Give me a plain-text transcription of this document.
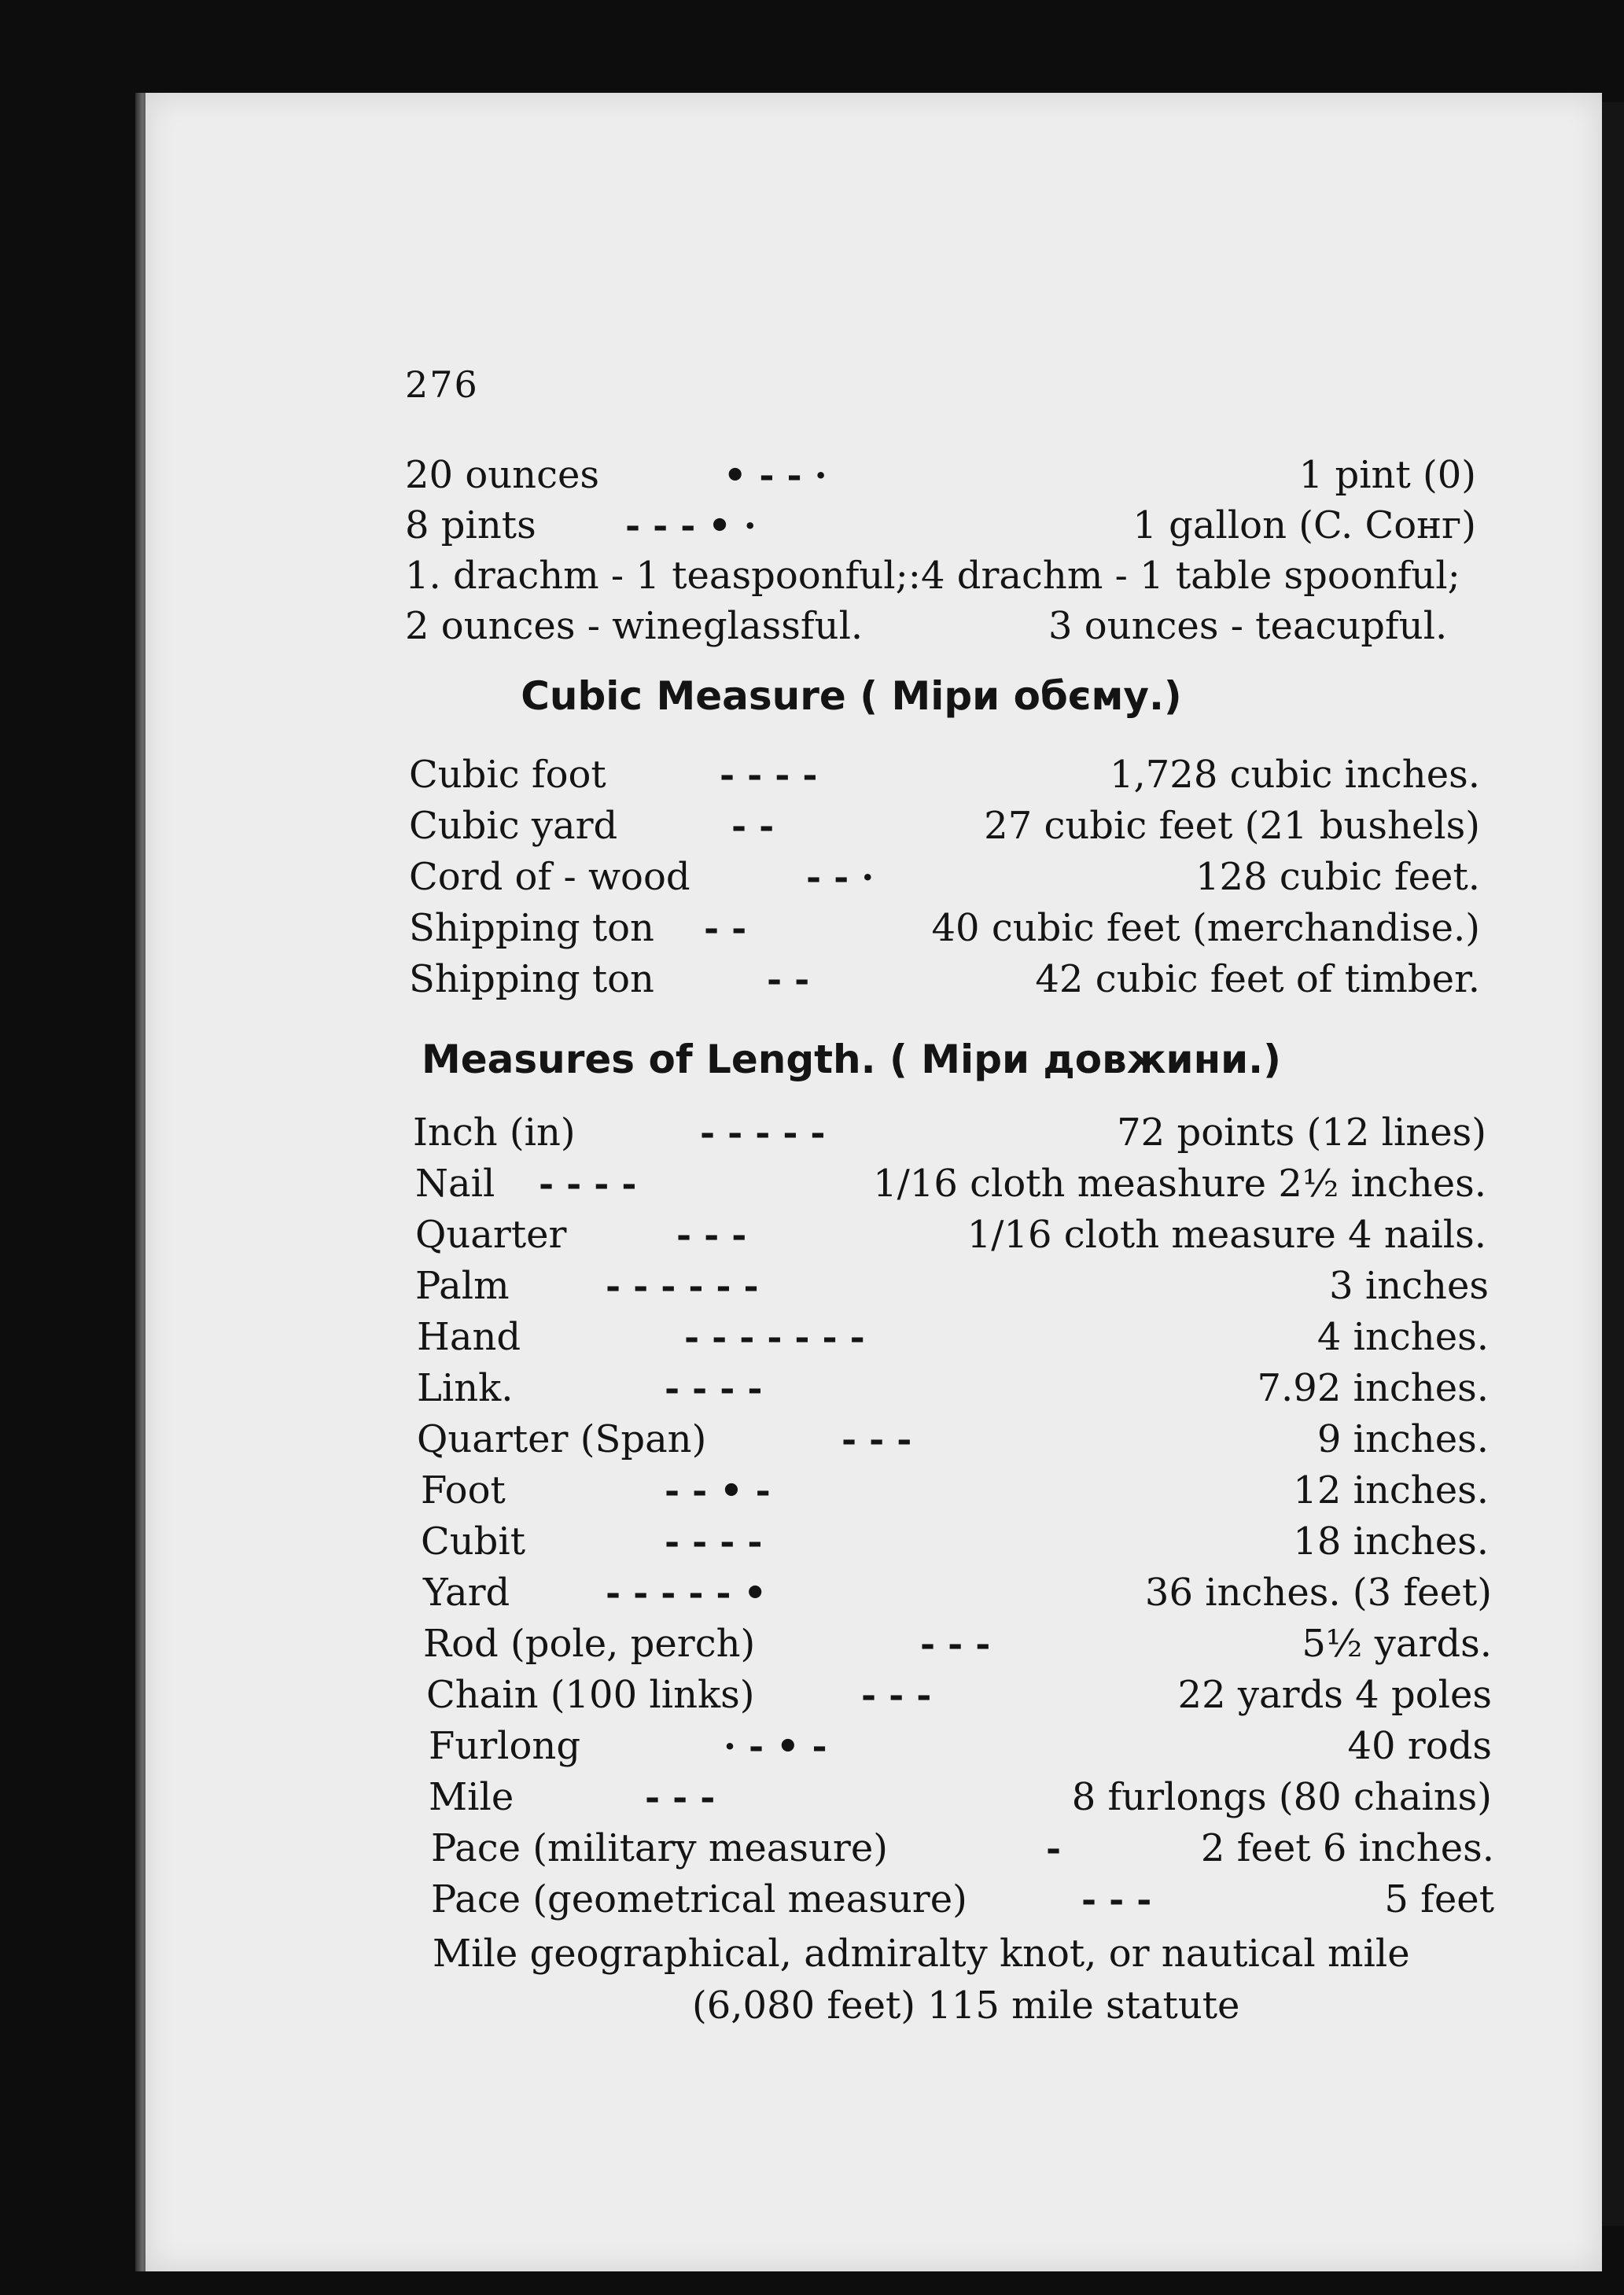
276
20 ounces	• - - ·	1 pint (0)
8 pints - - - • ·	1 gallon (C. Сонг)
1. drachm - 1 teaspoonful;:4 drachm - 1 table spoonful;
2 ounces - wineglassful.	3 ounces - teacupful.
Cubic Measure ( Міри обєму.)
Cubic foot	- - - -	1,728 cubic inches.
Cubic yard	- -	27 cubic feet (21 bushels)
Cord of - wood	- - ·	128 cubic feet.
Shipping ton - -	40 cubic feet (merchandise.)
Shipping ton	- -	42 cubic feet of timber.
Measures of Length. ( Міри довжини.)
Inch (in)	- - - - -	72 points (12 lines)
Nail - - - -	1/16 cloth meashure 2½ inches.
Quarter	- - -	1/16 cloth measure 4 nails.
Palm	- - - - - -	3 inches
Hand	- - - - - - -	4 inches.
Link.	- - - -	7.92 inches.
Quarter (Span)	- - -	9 inches.
Foot	- - • -	12 inches.
Cubit	- - - -	18 inches.
Yard	- - - - - •	36 inches. (3 feet)
Rod (pole, perch)	- - -	5½ yards.
Chain (100 links)	- - -	22 yards 4 poles
Furlong	· - • -	40 rods
Mile	- - -	8 furlongs (80 chains)
Pace (military measure)	-	2 feet 6 inches.
Pace (geometrical measure)	- - -	5 feet
Mile geographical, admiralty knot, or nautical mile
(6,080 feet) 115 mile statute
